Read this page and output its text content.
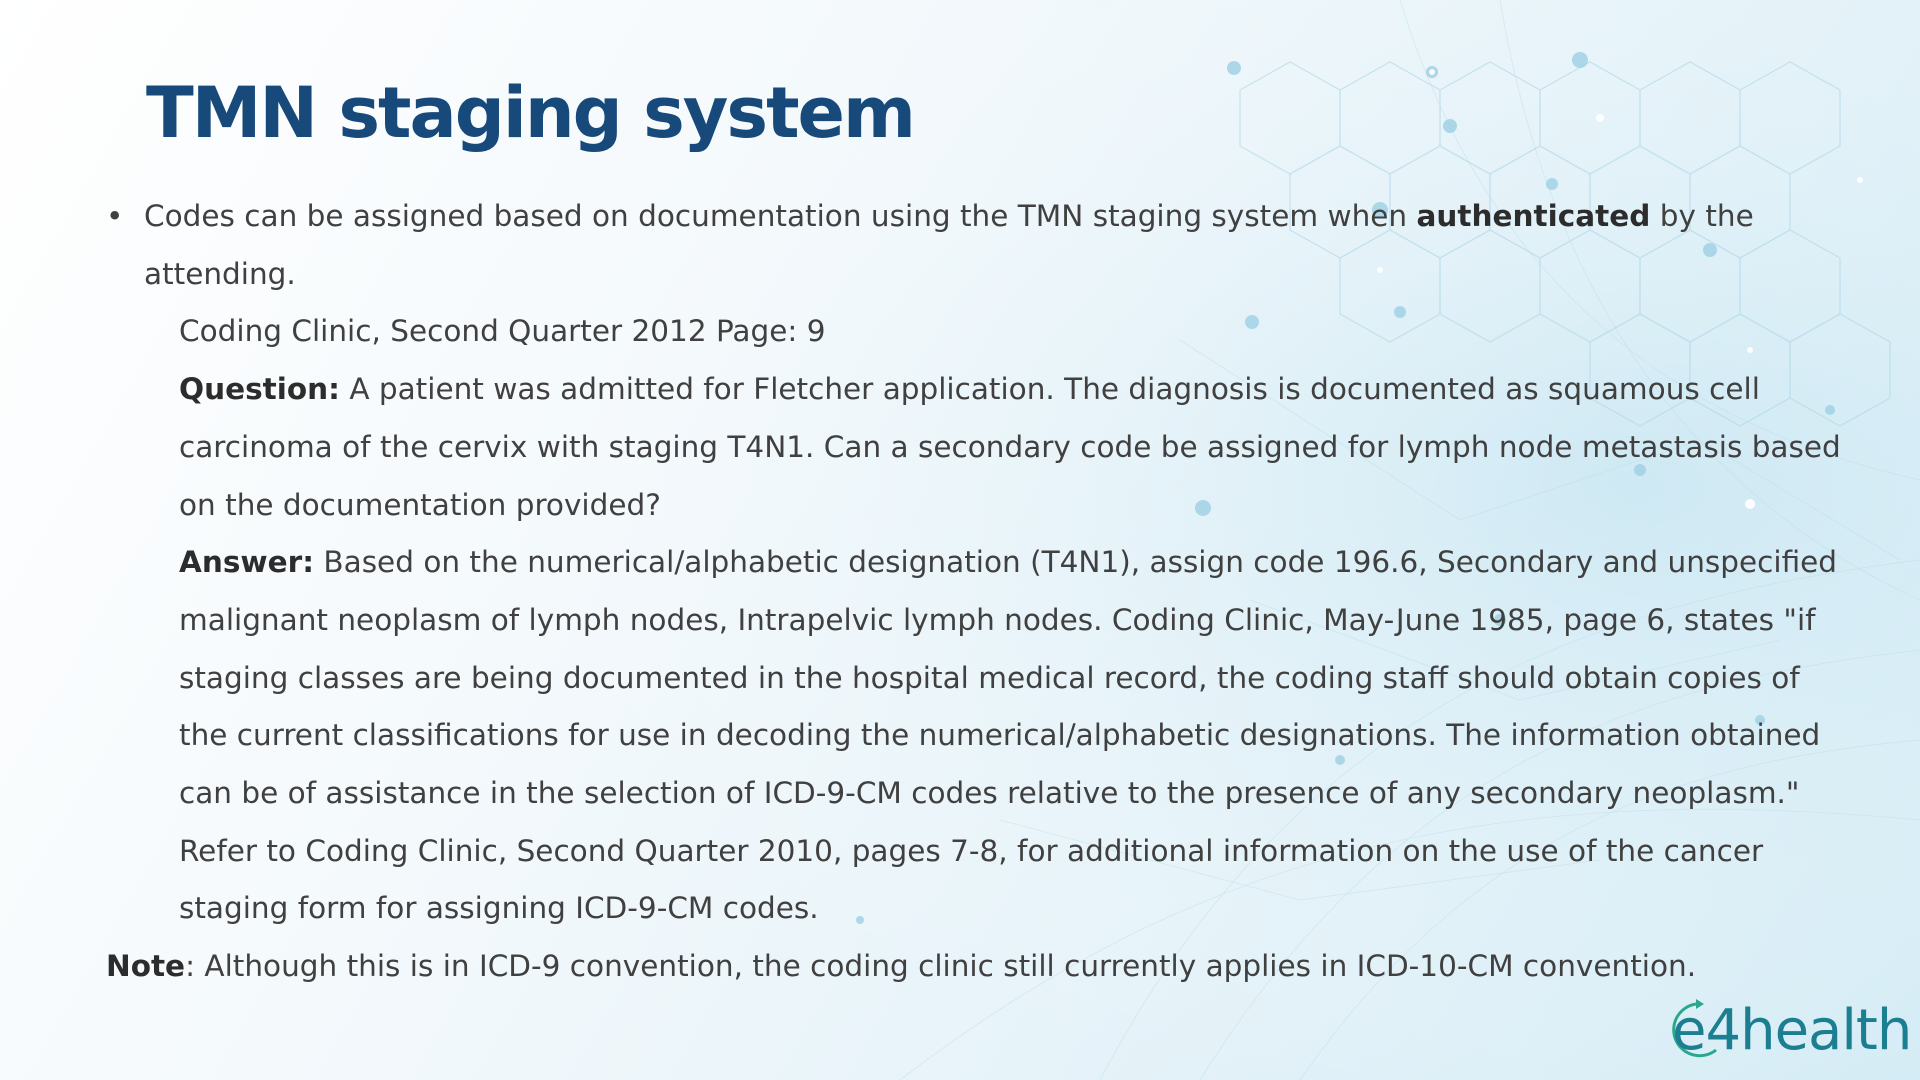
TMN staging system
• Codes can be assigned based on documentation using the TMN staging system when authenticated by the attending.
Coding Clinic, Second Quarter 2012 Page: 9
Question: A patient was admitted for Fletcher application. The diagnosis is documented as squamous cell carcinoma of the cervix with staging T4N1. Can a secondary code be assigned for lymph node metastasis based on the documentation provided?
Answer: Based on the numerical/alphabetic designation (T4N1), assign code 196.6, Secondary and unspecified malignant neoplasm of lymph nodes, Intrapelvic lymph nodes. Coding Clinic, May-June 1985, page 6, states "if staging classes are being documented in the hospital medical record, the coding staff should obtain copies of the current classifications for use in decoding the numerical/alphabetic designations. The information obtained can be of assistance in the selection of ICD-9-CM codes relative to the presence of any secondary neoplasm." Refer to Coding Clinic, Second Quarter 2010, pages 7-8, for additional information on the use of the cancer staging form for assigning ICD-9-CM codes.
Note: Although this is in ICD-9 convention, the coding clinic still currently applies in ICD-10-CM convention.
e4health
